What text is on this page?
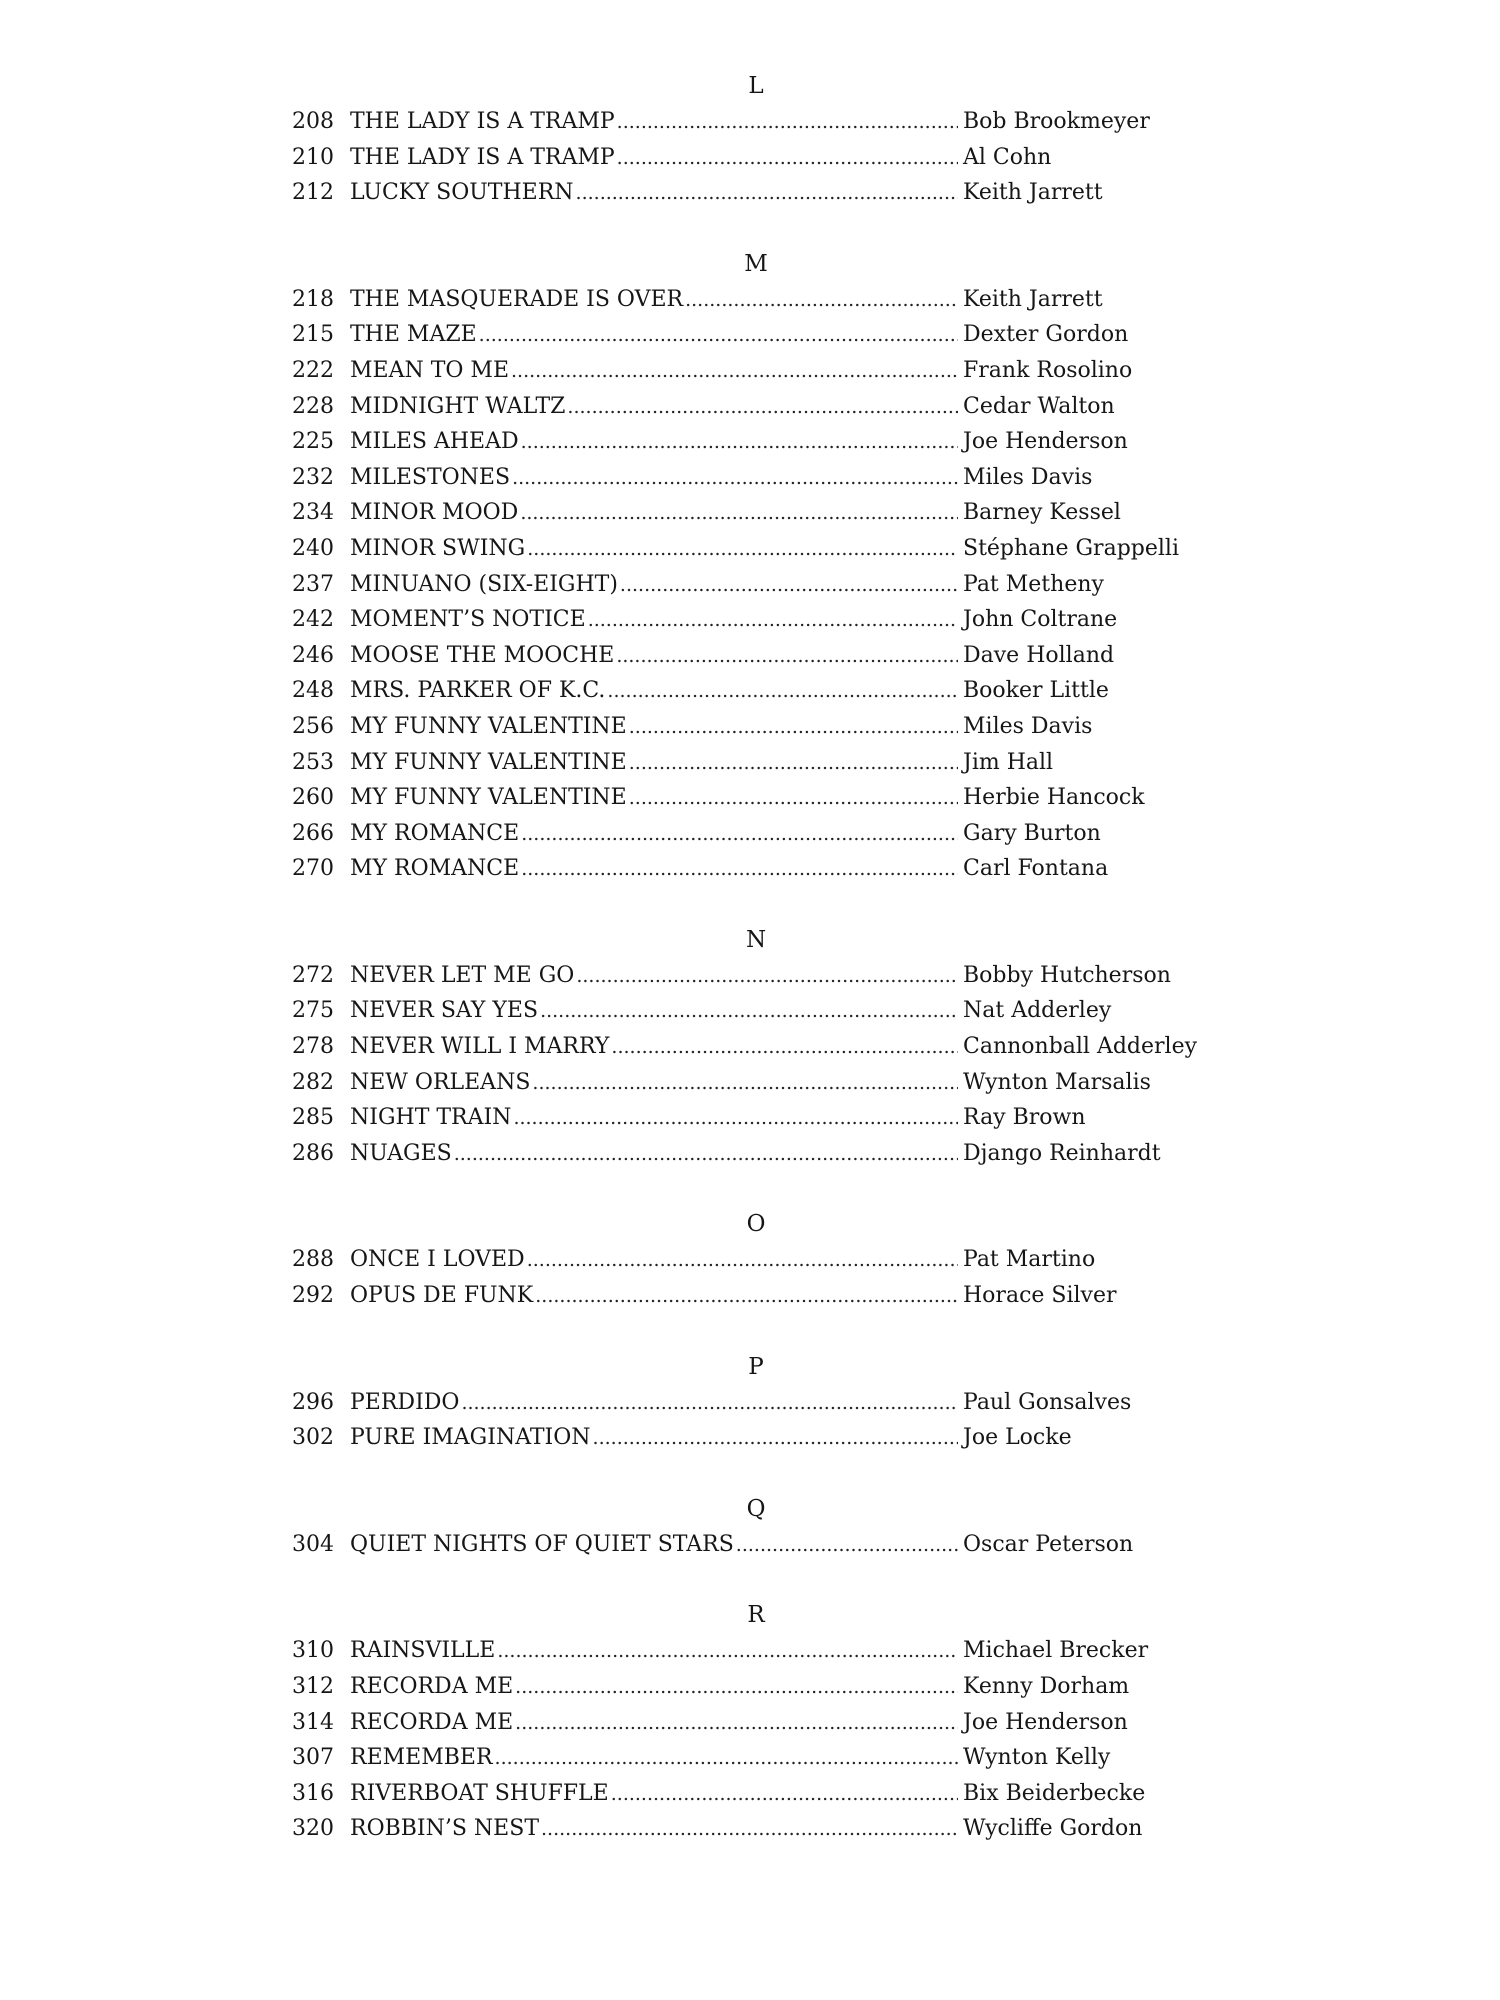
L
208 THE LADY IS A TRAMP .....	Bob Brookmeyer
210 THE LADY IS A TRAMP .....	Al Cohn
212 LUCKY SOUTHERN .....	Keith Jarrett
M
218 THE MASQUERADE IS OVER .....	Keith Jarrett
215 THE MAZE .....	Dexter Gordon
222 MEAN TO ME .....	Frank Rosolino
228 MIDNIGHT WALTZ .....	Cedar Walton
225 MILES AHEAD .....	Joe Henderson
232 MILESTONES .....	Miles Davis
234 MINOR MOOD .....	Barney Kessel
240 MINOR SWING .....	Stéphane Grappelli
237 MINUANO (SIX-EIGHT) .....	Pat Metheny
242 MOMENT’S NOTICE .....	John Coltrane
246 MOOSE THE MOOCHE .....	Dave Holland
248 MRS. PARKER OF K.C. .....	Booker Little
256 MY FUNNY VALENTINE .....	Miles Davis
253 MY FUNNY VALENTINE .....	Jim Hall
260 MY FUNNY VALENTINE .....	Herbie Hancock
266 MY ROMANCE .....	Gary Burton
270 MY ROMANCE .....	Carl Fontana
N
272 NEVER LET ME GO .....	Bobby Hutcherson
275 NEVER SAY YES .....	Nat Adderley
278 NEVER WILL I MARRY .....	Cannonball Adderley
282 NEW ORLEANS .....	Wynton Marsalis
285 NIGHT TRAIN .....	Ray Brown
286 NUAGES .....	Django Reinhardt
O
288 ONCE I LOVED .....	Pat Martino
292 OPUS DE FUNK .....	Horace Silver
P
296 PERDIDO .....	Paul Gonsalves
302 PURE IMAGINATION .....	Joe Locke
Q
304 QUIET NIGHTS OF QUIET STARS .....	Oscar Peterson
R
310 RAINSVILLE .....	Michael Brecker
312 RECORDA ME .....	Kenny Dorham
314 RECORDA ME .....	Joe Henderson
307 REMEMBER .....	Wynton Kelly
316 RIVERBOAT SHUFFLE .....	Bix Beiderbecke
320 ROBBIN’S NEST .....	Wycliffe Gordon
